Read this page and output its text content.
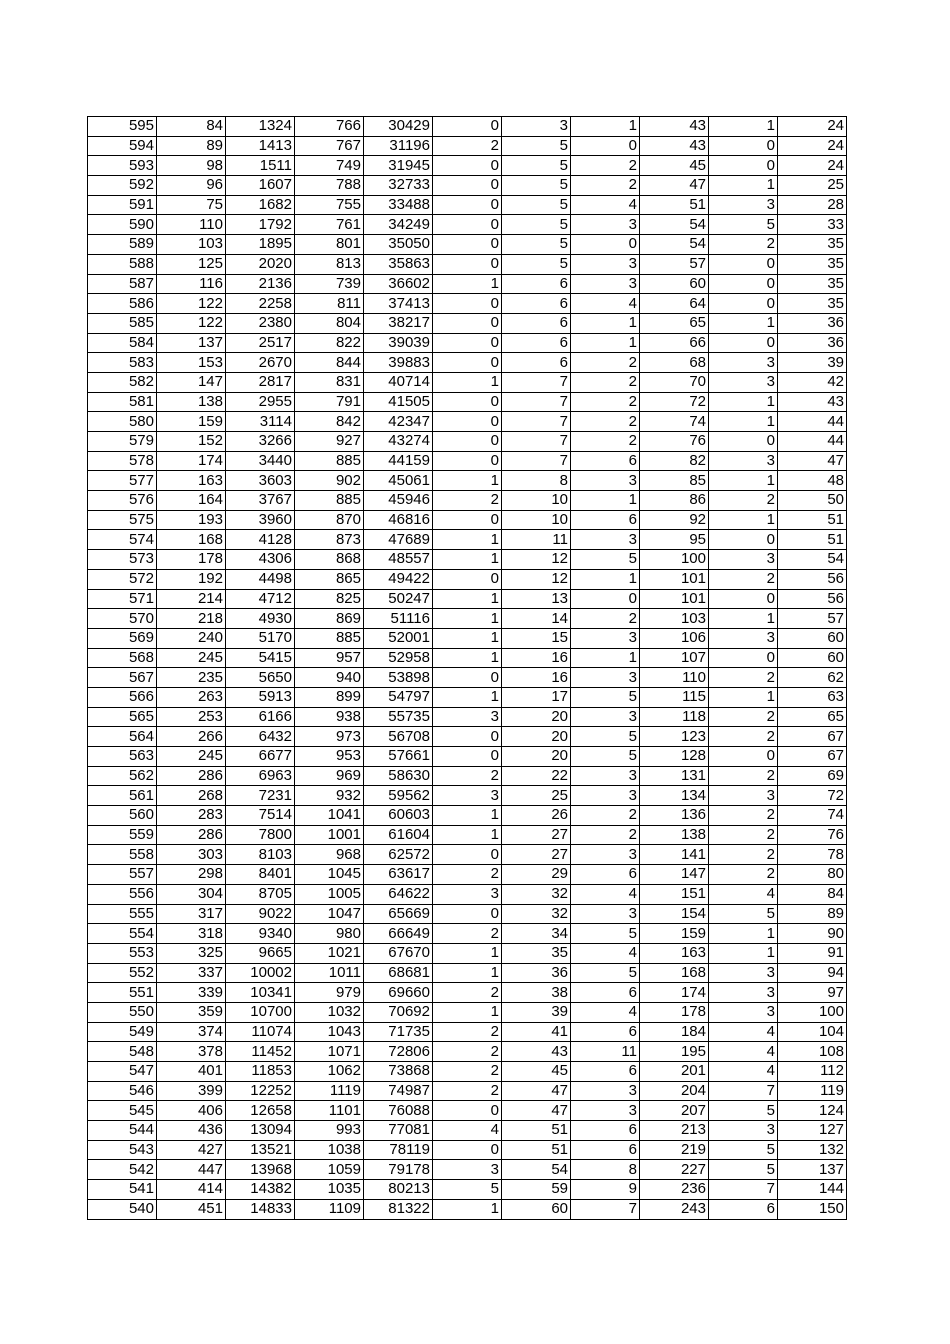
595	84	1324	766	30429	0	3	1	43	1	24
594	89	1413	767	31196	2	5	0	43	0	24
593	98	1511	749	31945	0	5	2	45	0	24
592	96	1607	788	32733	0	5	2	47	1	25
591	75	1682	755	33488	0	5	4	51	3	28
590	110	1792	761	34249	0	5	3	54	5	33
589	103	1895	801	35050	0	5	0	54	2	35
588	125	2020	813	35863	0	5	3	57	0	35
587	116	2136	739	36602	1	6	3	60	0	35
586	122	2258	811	37413	0	6	4	64	0	35
585	122	2380	804	38217	0	6	1	65	1	36
584	137	2517	822	39039	0	6	1	66	0	36
583	153	2670	844	39883	0	6	2	68	3	39
582	147	2817	831	40714	1	7	2	70	3	42
581	138	2955	791	41505	0	7	2	72	1	43
580	159	3114	842	42347	0	7	2	74	1	44
579	152	3266	927	43274	0	7	2	76	0	44
578	174	3440	885	44159	0	7	6	82	3	47
577	163	3603	902	45061	1	8	3	85	1	48
576	164	3767	885	45946	2	10	1	86	2	50
575	193	3960	870	46816	0	10	6	92	1	51
574	168	4128	873	47689	1	11	3	95	0	51
573	178	4306	868	48557	1	12	5	100	3	54
572	192	4498	865	49422	0	12	1	101	2	56
571	214	4712	825	50247	1	13	0	101	0	56
570	218	4930	869	51116	1	14	2	103	1	57
569	240	5170	885	52001	1	15	3	106	3	60
568	245	5415	957	52958	1	16	1	107	0	60
567	235	5650	940	53898	0	16	3	110	2	62
566	263	5913	899	54797	1	17	5	115	1	63
565	253	6166	938	55735	3	20	3	118	2	65
564	266	6432	973	56708	0	20	5	123	2	67
563	245	6677	953	57661	0	20	5	128	0	67
562	286	6963	969	58630	2	22	3	131	2	69
561	268	7231	932	59562	3	25	3	134	3	72
560	283	7514	1041	60603	1	26	2	136	2	74
559	286	7800	1001	61604	1	27	2	138	2	76
558	303	8103	968	62572	0	27	3	141	2	78
557	298	8401	1045	63617	2	29	6	147	2	80
556	304	8705	1005	64622	3	32	4	151	4	84
555	317	9022	1047	65669	0	32	3	154	5	89
554	318	9340	980	66649	2	34	5	159	1	90
553	325	9665	1021	67670	1	35	4	163	1	91
552	337	10002	1011	68681	1	36	5	168	3	94
551	339	10341	979	69660	2	38	6	174	3	97
550	359	10700	1032	70692	1	39	4	178	3	100
549	374	11074	1043	71735	2	41	6	184	4	104
548	378	11452	1071	72806	2	43	11	195	4	108
547	401	11853	1062	73868	2	45	6	201	4	112
546	399	12252	1119	74987	2	47	3	204	7	119
545	406	12658	1101	76088	0	47	3	207	5	124
544	436	13094	993	77081	4	51	6	213	3	127
543	427	13521	1038	78119	0	51	6	219	5	132
542	447	13968	1059	79178	3	54	8	227	5	137
541	414	14382	1035	80213	5	59	9	236	7	144
540	451	14833	1109	81322	1	60	7	243	6	150
